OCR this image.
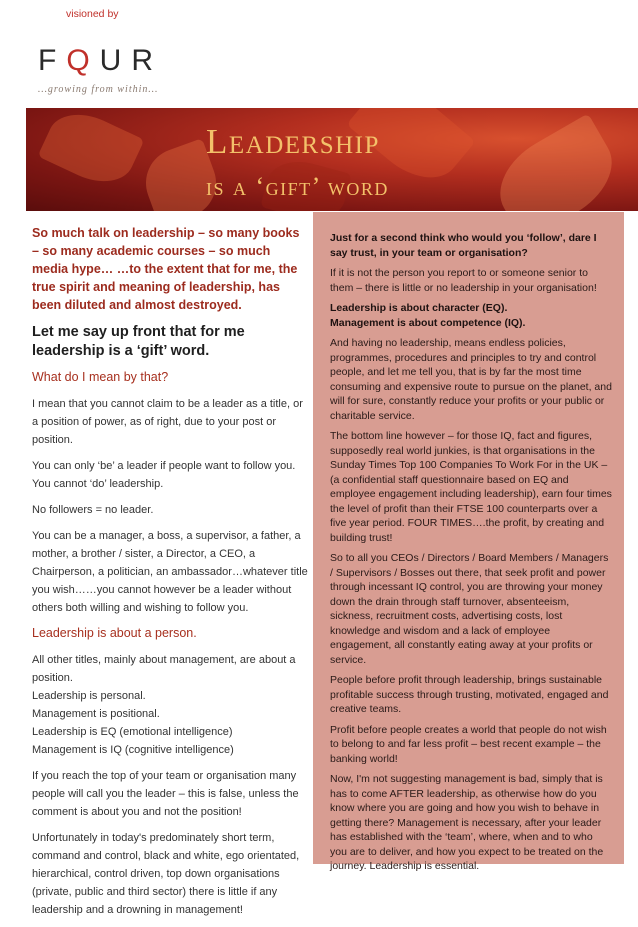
visioned by
FQUR
…growing from within…
Leadership
is a ‘gift’ word

So much talk on leadership – so many books – so many academic courses – so much media hype… …to the extent that for me, the true spirit and meaning of leadership, has been diluted and almost destroyed.

Let me say up front that for me leadership is a ‘gift’ word.

What do I mean by that?

I mean that you cannot claim to be a leader as a title, or a position of power, as of right, due to your post or position.

You can only ‘be’ a leader if people want to follow you. You cannot ‘do’ leadership.

No followers = no leader.

You can be a manager, a boss, a supervisor, a father, a mother, a brother / sister, a Director, a CEO, a Chairperson, a politician, an ambassador…whatever title you wish……you cannot however be a leader without others both willing and wishing to follow you.

Leadership is about a person.

All other titles, mainly about management, are about a position.
Leadership is personal.
Management is positional.
Leadership is EQ (emotional intelligence)
Management is IQ (cognitive intelligence)

If you reach the top of your team or organisation many people will call you the leader – this is false, unless the comment is about you and not the position!

Unfortunately in today's predominately short term, command and control, black and white, ego orientated, hierarchical, control driven, top down organisations (private, public and third sector) there is little if any leadership and a drowning in management!

Just for a second think who would you ‘follow’, dare I say trust, in your team or organisation?

If it is not the person you report to or someone senior to them – there is little or no leadership in your organisation!

Leadership is about character (EQ).
Management is about competence (IQ).

And having no leadership, means endless policies, programmes, procedures and principles to try and control people, and let me tell you, that is by far the most time consuming and expensive route to pursue on the planet, and will for sure, constantly reduce your profits or your public or charitable service.

The bottom line however – for those IQ, fact and figures, supposedly real world junkies, is that organisations in the Sunday Times Top 100 Companies To Work For in the UK – (a confidential staff questionnaire based on EQ and employee engagement including leadership), earn four times the level of profit than their FTSE 100 counterparts over a five year period. FOUR TIMES….the profit, by creating and building trust!

So to all you CEOs / Directors / Board Members / Managers / Supervisors / Bosses out there, that seek profit and power through incessant IQ control, you are throwing your money down the drain through staff turnover, absenteeism, sickness, recruitment costs, advertising costs, lost knowledge and wisdom and a lack of employee engagement, all constantly eating away at your profits or service.

People before profit through leadership, brings sustainable profitable success through trusting, motivated, engaged and creative teams.

Profit before people creates a world that people do not wish to belong to and far less profit – best recent example – the banking world!

Now, I'm not suggesting management is bad, simply that is has to come AFTER leadership, as otherwise how do you know where you are going and how you wish to behave in getting there? Management is necessary, after your leader has established with the ‘team’, where, when and to who you are to deliver, and how you expect to be treated on the journey. Leadership is essential.
